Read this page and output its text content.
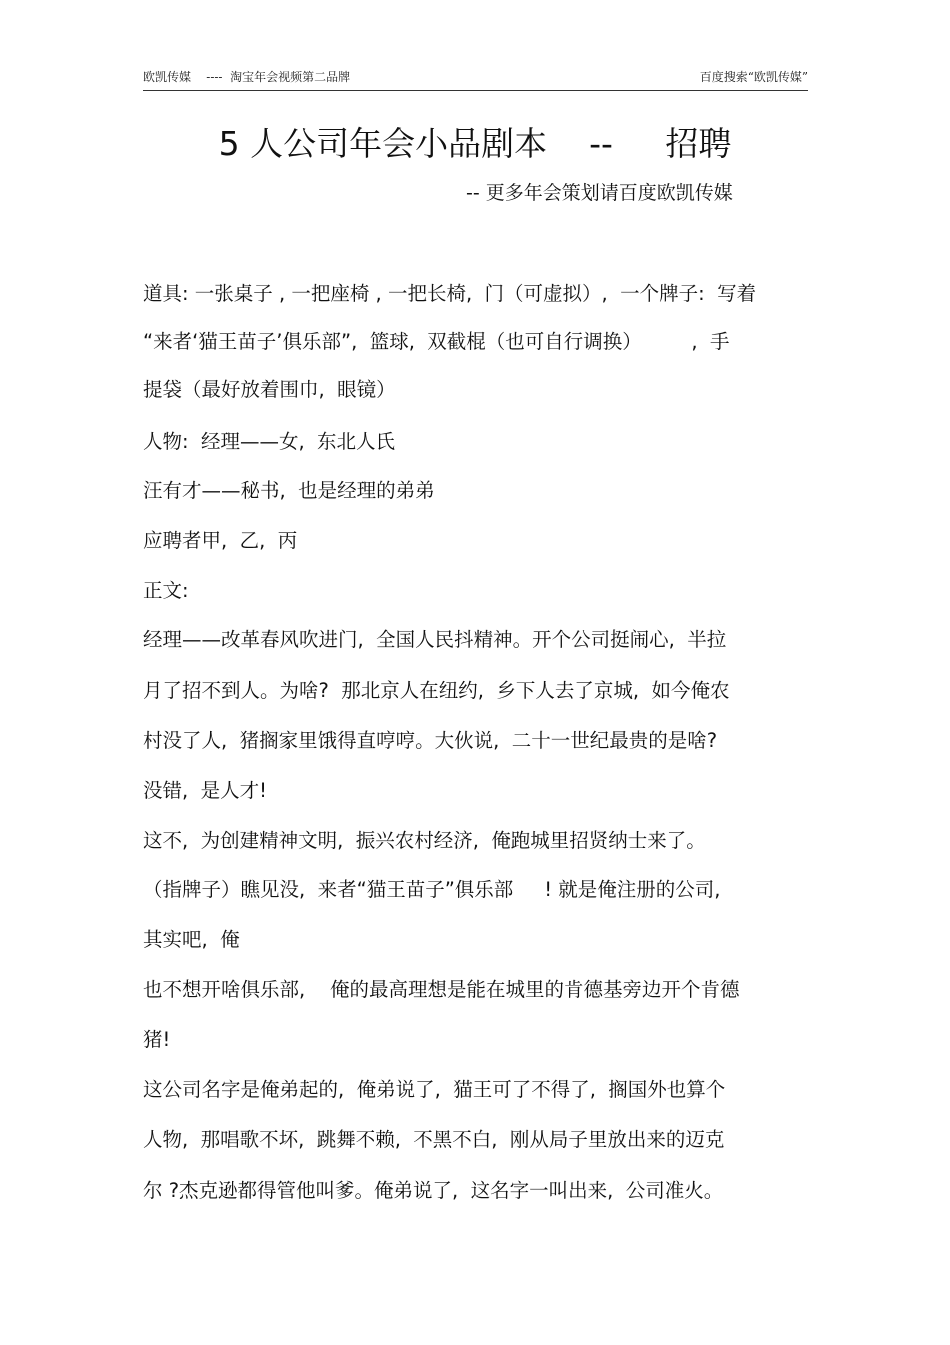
欧凯传媒    ----  淘宝年会视频第二品牌	百度搜索“欧凯传媒”
5 人公司年会小品剧本    --     招聘
-- 更多年会策划请百度欧凯传媒
道具: 一张桌子 , 一把座椅 , 一把长椅,  门（可虚拟）,  一个牌子:  写着
“来者‘猫王苗子’俱乐部”,  篮球,  双截棍（也可自行调换）        ,  手
提袋（最好放着围巾,  眼镜）
人物:  经理——女,  东北人氏
汪有才——秘书,  也是经理的弟弟
应聘者甲,  乙,  丙
正文:
经理——改革春风吹进门,  全国人民抖精神。开个公司挺闹心,  半拉
月了招不到人。为啥?  那北京人在纽约,  乡下人去了京城,  如今俺农
村没了人,  猪搁家里饿得直哼哼。大伙说,  二十一世纪最贵的是啥?
没错,  是人才!
这不,  为创建精神文明,  振兴农村经济,  俺跑城里招贤纳士来了。
（指牌子）瞧见没,  来者“猫王苗子”俱乐部     ! 就是俺注册的公司,
其实吧,  俺
也不想开啥俱乐部,    俺的最高理想是能在城里的肯德基旁边开个肯德
猪!
这公司名字是俺弟起的,  俺弟说了,  猫王可了不得了,  搁国外也算个
人物,  那唱歌不坏,  跳舞不赖,  不黑不白,  刚从局子里放出来的迈克
尔 ?杰克逊都得管他叫爹。俺弟说了,  这名字一叫出来,  公司准火。
